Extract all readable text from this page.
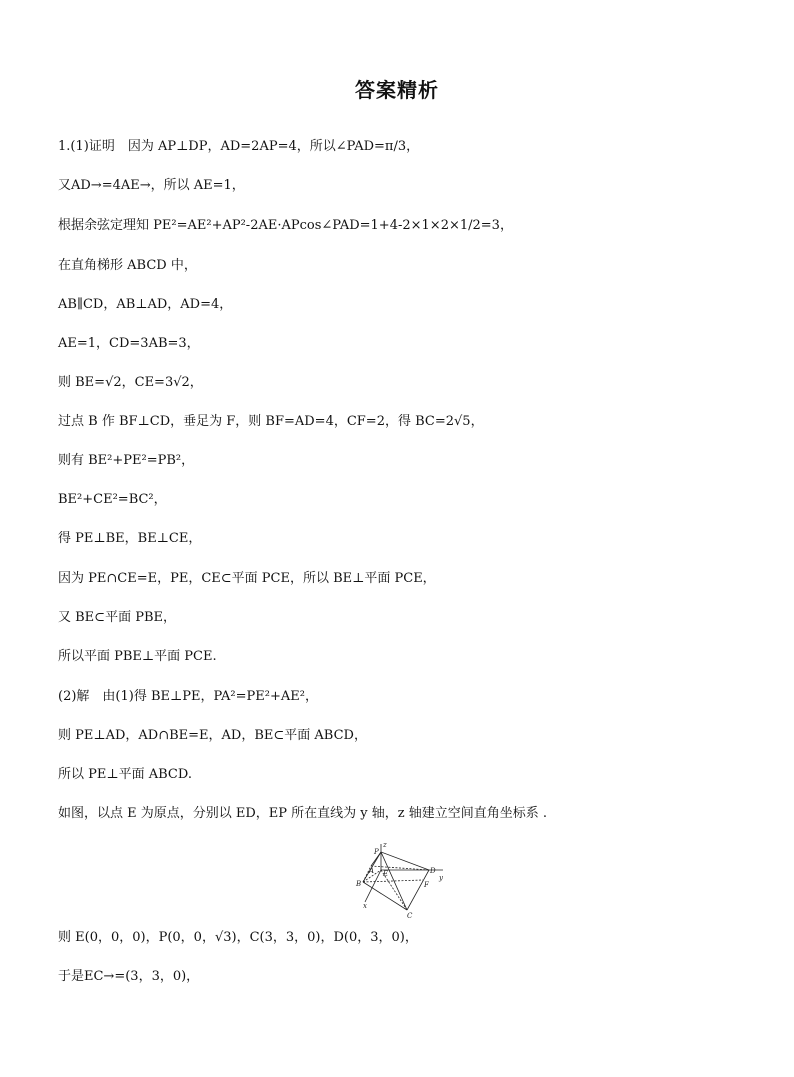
答案精析
1.(1)证明　因为 AP⊥DP，AD=2AP=4，所以∠PAD=π/3，
又AD→=4AE→，所以 AE=1，
根据余弦定理知 PE²=AE²+AP²-2AE·APcos∠PAD=1+4-2×1×2×1/2=3，
在直角梯形 ABCD 中，
AB∥CD，AB⊥AD，AD=4，
AE=1，CD=3AB=3，
则 BE=√2，CE=3√2，
过点 B 作 BF⊥CD，垂足为 F，则 BF=AD=4，CF=2，得 BC=2√5，
则有 BE²+PE²=PB²，
BE²+CE²=BC²，
得 PE⊥BE，BE⊥CE，
因为 PE∩CE=E，PE，CE⊂平面 PCE，所以 BE⊥平面 PCE，
又 BE⊂平面 PBE，
所以平面 PBE⊥平面 PCE.
(2)解　由(1)得 BE⊥PE，PA²=PE²+AE²，
则 PE⊥AD，AD∩BE=E，AD，BE⊂平面 ABCD，
所以 PE⊥平面 ABCD.
如图，以点 E 为原点，分别以 ED，EP 所在直线为 y 轴，z 轴建立空间直角坐标系 .
z
P
A E	D
y
B	F
x
C
则 E(0，0，0)，P(0，0，√3)，C(3，3，0)，D(0，3，0)，
于是EC→=(3，3，0)，
